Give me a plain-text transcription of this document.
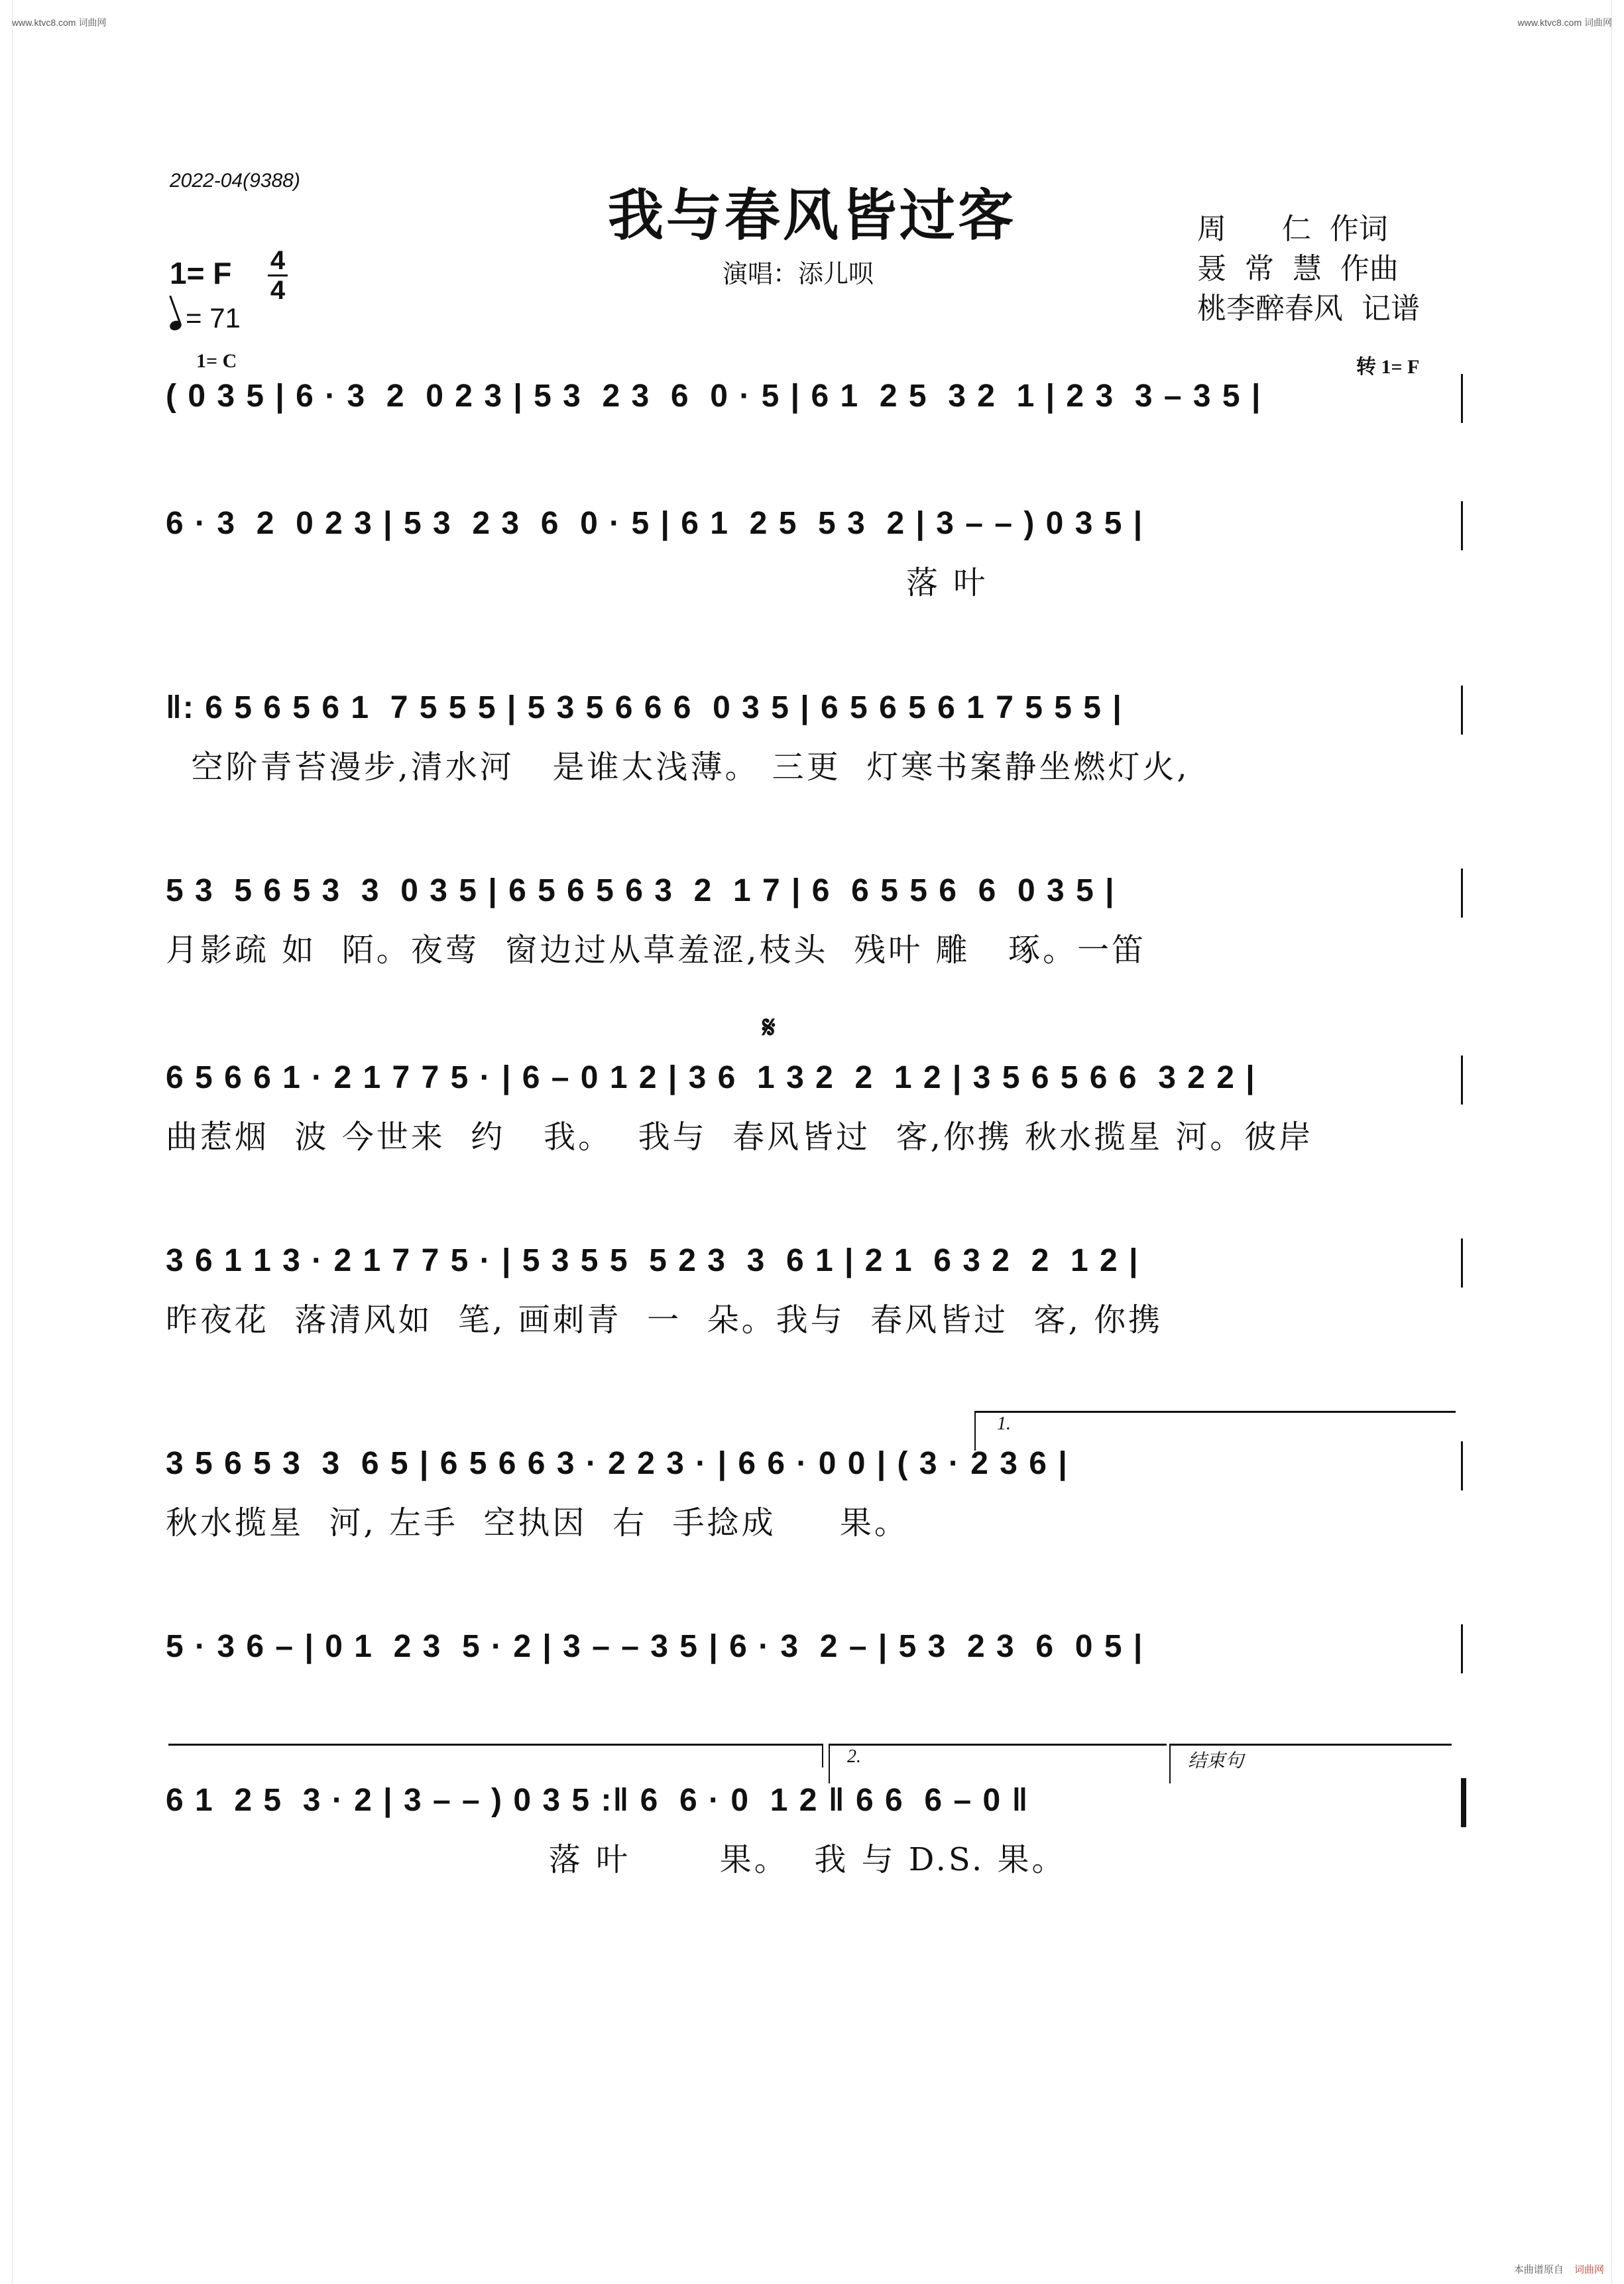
www.ktvc8.com 词曲网	www.ktvc8.com 词曲网
本曲谱原自 词曲网
2022-04(9388)
我与春风皆过客
演唱：添儿呗
周      仁  作词
聂  常  慧  作曲
桃李醉春风  记谱
1= F 4
4
= 71
1= C	转 1= F
𝄋
( 0 3 5 | 6 · 3  2  0 2 3 | 5 3  2 3  6  0 · 5 | 6 1  2 5  3 2  1 | 2 3  3 – 3 5 |
6 · 3  2  0 2 3 | 5 3  2 3  6  0 · 5 | 6 1  2 5  5 3  2 | 3 – – ) 0 3 5 |
落 叶
‖: 6 5 6 5 6 1  7 5 5 5 | 5 3 5 6 6 6  0 3 5 | 6 5 6 5 6 1 7 5 5 5 |
空阶青苔漫步,清水河   是谁太浅薄。 三更  灯寒书案静坐燃灯火,
5 3  5 6 5 3  3  0 3 5 | 6 5 6 5 6 3  2  1 7 | 6  6 5 5 6  6  0 3 5 |
月影疏 如  陌。夜莺  窗边过从草羞涩,枝头  残叶 雕   琢。一笛
6 5 6 6 1 · 2 1 7 7 5 · | 6 – 0 1 2 | 3 6  1 3 2  2  1 2 | 3 5 6 5 6 6  3 2 2 |
曲惹烟  波 今世来  约   我。  我与  春风皆过  客,你携 秋水揽星 河。彼岸
3 6 1 1 3 · 2 1 7 7 5 · | 5 3 5 5  5 2 3  3  6 1 | 2 1  6 3 2  2  1 2 |
昨夜花  落清风如  笔, 画刺青  一  朵。我与  春风皆过  客, 你携
1.
3 5 6 5 3  3  6 5 | 6 5 6 6 3 · 2 2 3 · | 6 6 · 0 0 | ( 3 · 2 3 6 |
秋水揽星  河, 左手  空执因  右  手捻成     果。
5 · 3 6 – | 0 1  2 3  5 · 2 | 3 – – 3 5 | 6 · 3  2 – | 5 3  2 3  6  0 5 |
2.	结束句
6 1  2 5  3 · 2 | 3 – – ) 0 3 5 :‖ 6  6 · 0  1 2 ‖ 6 6  6 – 0 ‖
落 叶       果。  我 与 D.S. 果。
